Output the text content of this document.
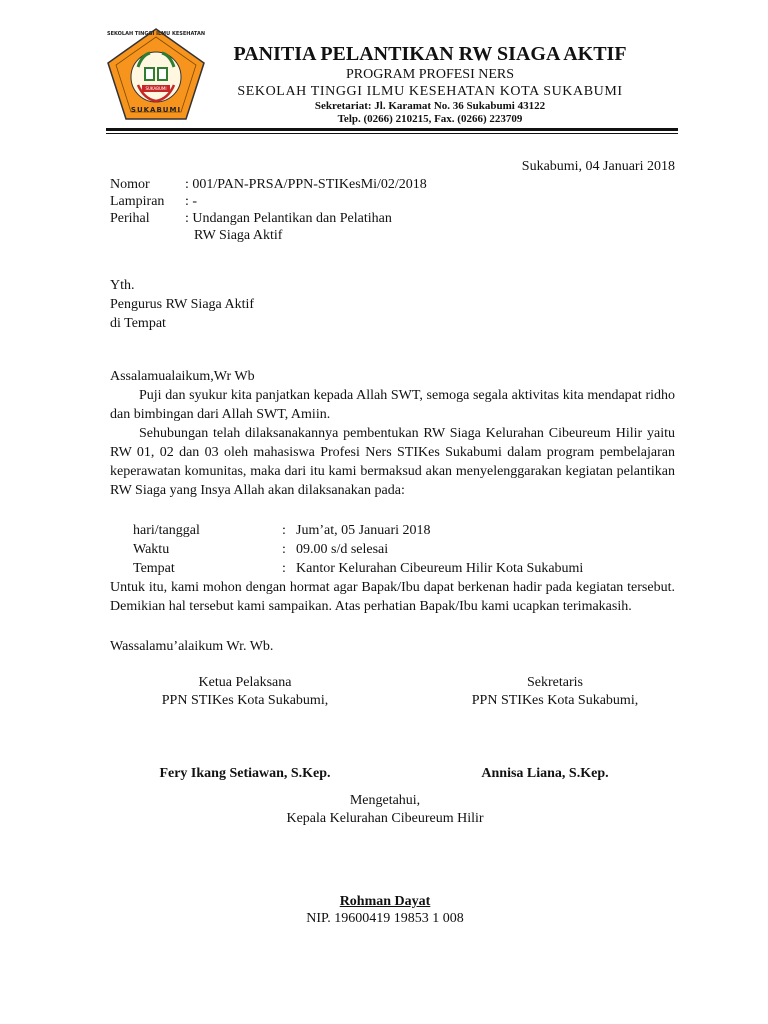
SEKOLAH TINGGI ILMU KESEHATAN
SUKABUMI
SUKABUMI
PANITIA PELANTIKAN RW SIAGA AKTIF
PROGRAM PROFESI NERS
SEKOLAH TINGGI ILMU KESEHATAN KOTA SUKABUMI
Sekretariat: Jl. Karamat No. 36 Sukabumi 43122
Telp. (0266) 210215, Fax. (0266) 223709
Sukabumi, 04 Januari 2018
Nomor	: 001/PAN-PRSA/PPN-STIKesMi/02/2018
Lampiran : -
Perihal	: Undangan Pelantikan dan Pelatihan
RW Siaga Aktif
Yth.
Pengurus RW Siaga Aktif
di Tempat
Assalamualaikum,Wr Wb
Puji dan syukur kita panjatkan kepada Allah SWT, semoga segala aktivitas kita mendapat ridho dan bimbingan dari Allah SWT, Amiin.
Sehubungan telah dilaksanakannya pembentukan RW Siaga Kelurahan Cibeureum Hilir yaitu RW 01, 02 dan 03 oleh mahasiswa Profesi Ners STIKes Sukabumi dalam program pembelajaran keperawatan komunitas, maka dari itu kami bermaksud akan menyelenggarakan kegiatan pelantikan RW Siaga yang Insya Allah akan dilaksanakan pada:
hari/tanggal	: Jum’at, 05 Januari 2018
Waktu	: 09.00 s/d selesai
Tempat	: Kantor Kelurahan Cibeureum Hilir Kota Sukabumi
Untuk itu, kami mohon dengan hormat agar Bapak/Ibu dapat berkenan hadir pada kegiatan tersebut. Demikian hal tersebut kami sampaikan. Atas perhatian Bapak/Ibu kami ucapkan terimakasih.
Wassalamu’alaikum Wr. Wb.
Ketua Pelaksana
PPN STIKes Kota Sukabumi,
Sekretaris
PPN STIKes Kota Sukabumi,
Fery Ikang Setiawan, S.Kep.	Annisa Liana, S.Kep.
Mengetahui,
Kepala Kelurahan Cibeureum Hilir
Rohman Dayat
NIP. 19600419 19853 1 008
